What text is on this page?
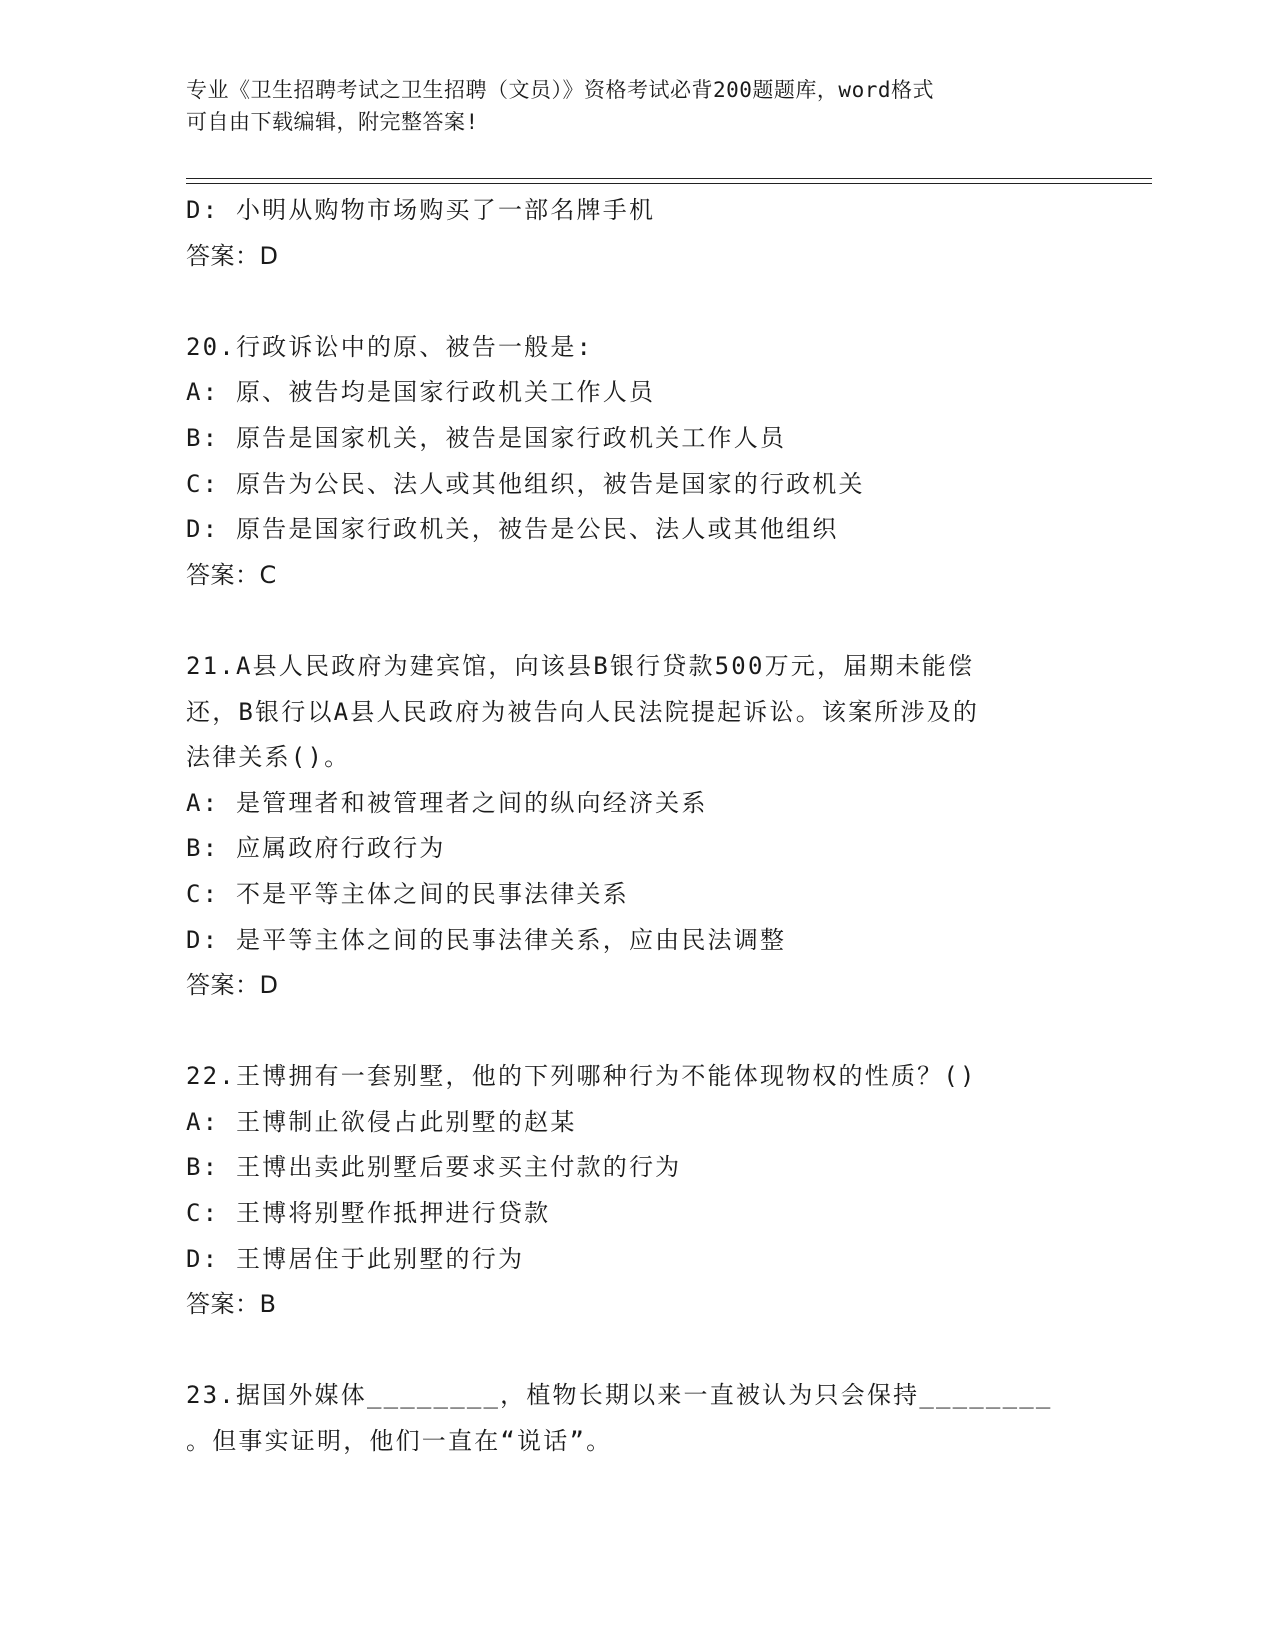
专业《卫生招聘考试之卫生招聘（文员）》资格考试必背200题题库，word格式
可自由下载编辑，附完整答案!
D: 小明从购物市场购买了一部名牌手机
答案：D
20.行政诉讼中的原、被告一般是:
A: 原、被告均是国家行政机关工作人员
B: 原告是国家机关，被告是国家行政机关工作人员
C: 原告为公民、法人或其他组织，被告是国家的行政机关
D: 原告是国家行政机关，被告是公民、法人或其他组织
答案：C
21.A县人民政府为建宾馆，向该县B银行贷款500万元，届期未能偿
还，B银行以A县人民政府为被告向人民法院提起诉讼。该案所涉及的
法律关系()。
A: 是管理者和被管理者之间的纵向经济关系
B: 应属政府行政行为
C: 不是平等主体之间的民事法律关系
D: 是平等主体之间的民事法律关系，应由民法调整
答案：D
22.王博拥有一套别墅，他的下列哪种行为不能体现物权的性质？()
A: 王博制止欲侵占此别墅的赵某
B: 王博出卖此别墅后要求买主付款的行为
C: 王博将别墅作抵押进行贷款
D: 王博居住于此别墅的行为
答案：B
23.据国外媒体________，植物长期以来一直被认为只会保持________
。但事实证明，他们一直在“说话”。
